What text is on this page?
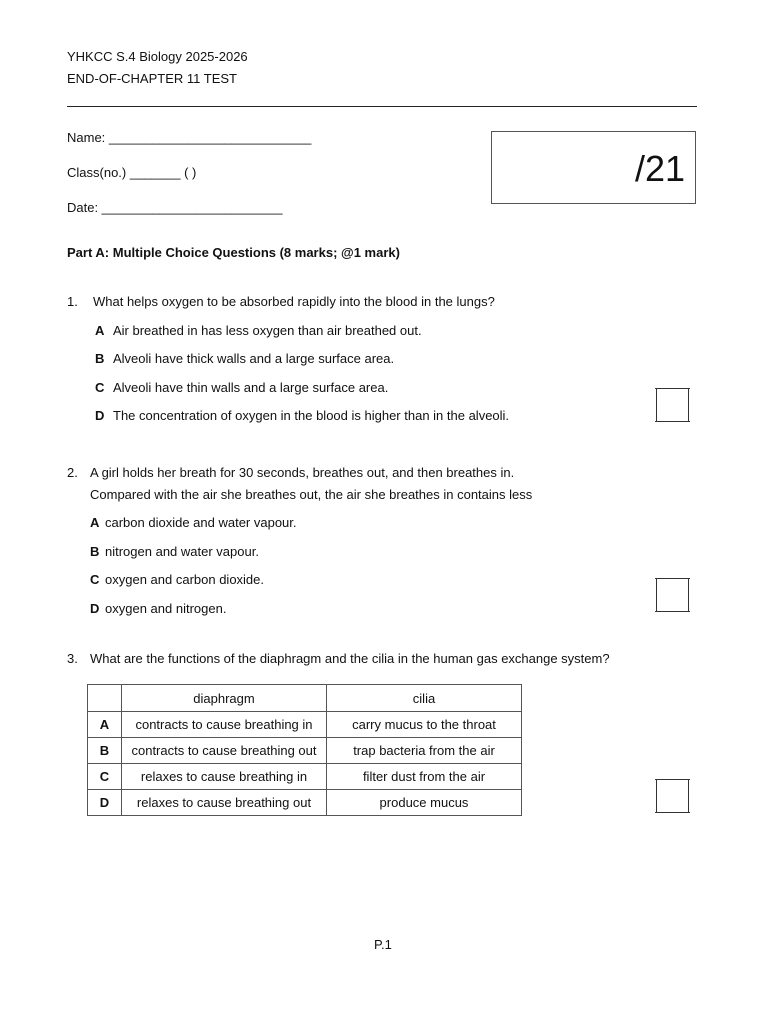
YHKCC S.4 Biology 2025-2026
END-OF-CHAPTER 11 TEST
Name: ____________________________
Class(no.) _______ ( )
Date: _________________________
/21
Part A: Multiple Choice Questions (8 marks; @1 mark)
1. What helps oxygen to be absorbed rapidly into the blood in the lungs?
A Air breathed in has less oxygen than air breathed out.
B Alveoli have thick walls and a large surface area.
C Alveoli have thin walls and a large surface area.
D The concentration of oxygen in the blood is higher than in the alveoli.
2. A girl holds her breath for 30 seconds, breathes out, and then breathes in.
Compared with the air she breathes out, the air she breathes in contains less
A carbon dioxide and water vapour.
B nitrogen and water vapour.
C oxygen and carbon dioxide.
D oxygen and nitrogen.
3. What are the functions of the diaphragm and the cilia in the human gas exchange system?
	diaphragm	cilia
A	contracts to cause breathing in	carry mucus to the throat
B	contracts to cause breathing out	trap bacteria from the air
C	relaxes to cause breathing in	filter dust from the air
D	relaxes to cause breathing out	produce mucus
P.1
